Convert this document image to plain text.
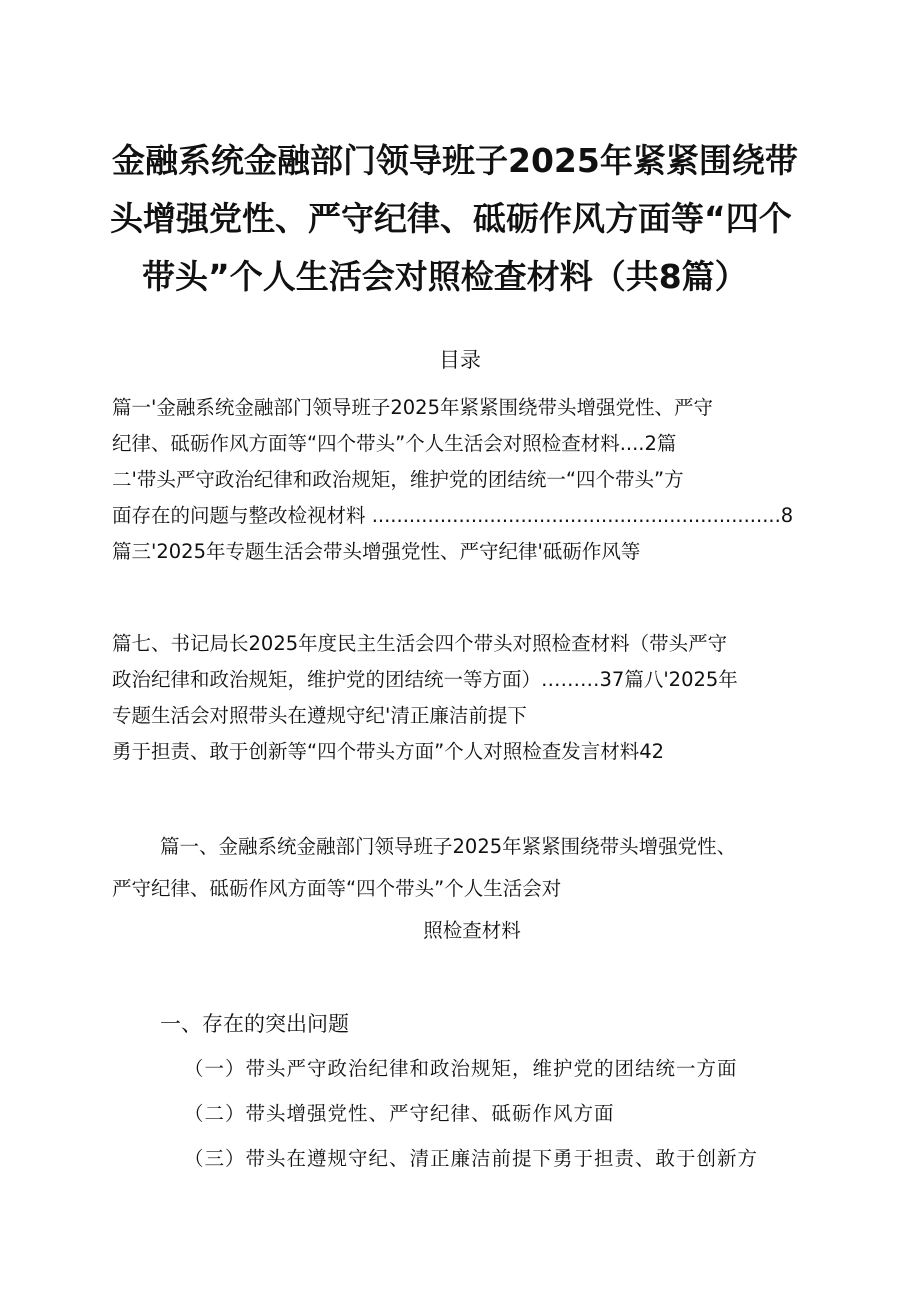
金融系统金融部门领导班子2025年紧紧围绕带
头增强党性、严守纪律、砥砺作风方面等“四个
带头”个人生活会对照检查材料（共8篇）
目录
篇一'金融系统金融部门领导班子2025年紧紧围绕带头增强党性、严守
纪律、砥砺作风方面等“四个带头”个人生活会对照检查材料....2篇
二'带头严守政治纪律和政治规矩，维护党的团结统一“四个带头”方
面存在的问题与整改检视材料 ..................................................................8
篇三'2025年专题生活会带头增强党性、严守纪律'砥砺作风等
篇七、书记局长2025年度民主生活会四个带头对照检查材料（带头严守
政治纪律和政治规矩，维护党的团结统一等方面）………37篇八'2025年
专题生活会对照带头在遵规守纪'清正廉洁前提下
勇于担责、敢于创新等“四个带头方面”个人对照检查发言材料42
篇一、金融系统金融部门领导班子2025年紧紧围绕带头增强党性、
严守纪律、砥砺作风方面等“四个带头”个人生活会对
照检查材料
一、存在的突出问题
（一）带头严守政治纪律和政治规矩，维护党的团结统一方面
（二）带头增强党性、严守纪律、砥砺作风方面
（三）带头在遵规守纪、清正廉洁前提下勇于担责、敢于创新方
